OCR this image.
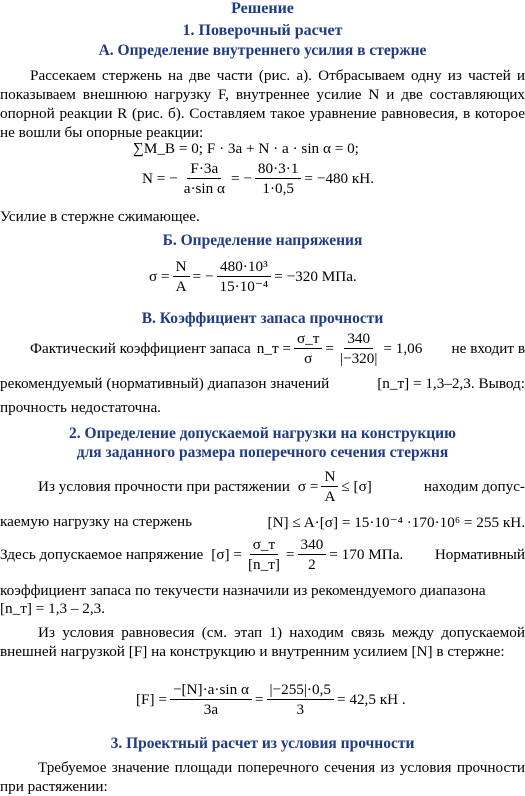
Решение
1. Поверочный расчет
А. Определение внутреннего усилия в стержне
Рассекаем стержень на две части (рис. а). Отбрасываем одну из частей и показываем внешнюю нагрузку F, внутреннее усилие N и две составляющих опорной реакции R (рис. б). Составляем такое уравнение равновесия, в которое не вошли бы опорные реакции:
∑M_B = 0; F · 3a + N · a · sin α = 0;
N = − $\frac{F\cdot 3a}{\text{a·sin α}}$ = − $\frac{80\cdot 3\cdot 1}{1\cdot 0,5} = -480$ кН.
Усилие в стержне сжимающее.
Б. Определение напряжения
$\sigma = \frac{N}{A}$ = − $\frac{\text{480·10³}}{\text{15·10⁻⁴}} = -320$ МПа.
В. Коэффициент запаса прочности
Фактический коэффициент запаса n_т = $\frac{\sigma\_т}{\sigma} = \frac{340}{|-320|} = 1,06$ не входит в
рекомендуемый (нормативный) диапазон значений	[n_т] = 1,3–2,3. Вывод:
прочность недостаточна.
2. Определение допускаемой нагрузки на конструкцию
для заданного размера поперечного сечения стержня
Из условия прочности при растяжении $\sigma = \frac{N}{A} \le [\sigma]$	находим допус-
каемую нагрузку на стержень	[N] ≤ A·[σ] = 15·10⁻⁴ ·170·10⁶ = 255 кН.
Здесь допускаемое напряжение $[\sigma] = \frac{\sigma\_т}{[n\_т]} = \frac{340}{2} = 170$ МПа. Нормативный
коэффициент запаса по текучести назначили из рекомендуемого диапазона
[n_т] = 1,3 – 2,3.
Из условия равновесия (см. этап 1) находим связь между допускаемой внешней нагрузкой [F] на конструкцию и внутренним усилием [N] в стержне:
$[F] = \frac{\text{−[N]·a·sin α}}{3a} = \frac{|-255|\cdot 0,5}{3} = 42,5$ кН .
3. Проектный расчет из условия прочности
Требуемое значение площади поперечного сечения из условия прочности при растяжении:
